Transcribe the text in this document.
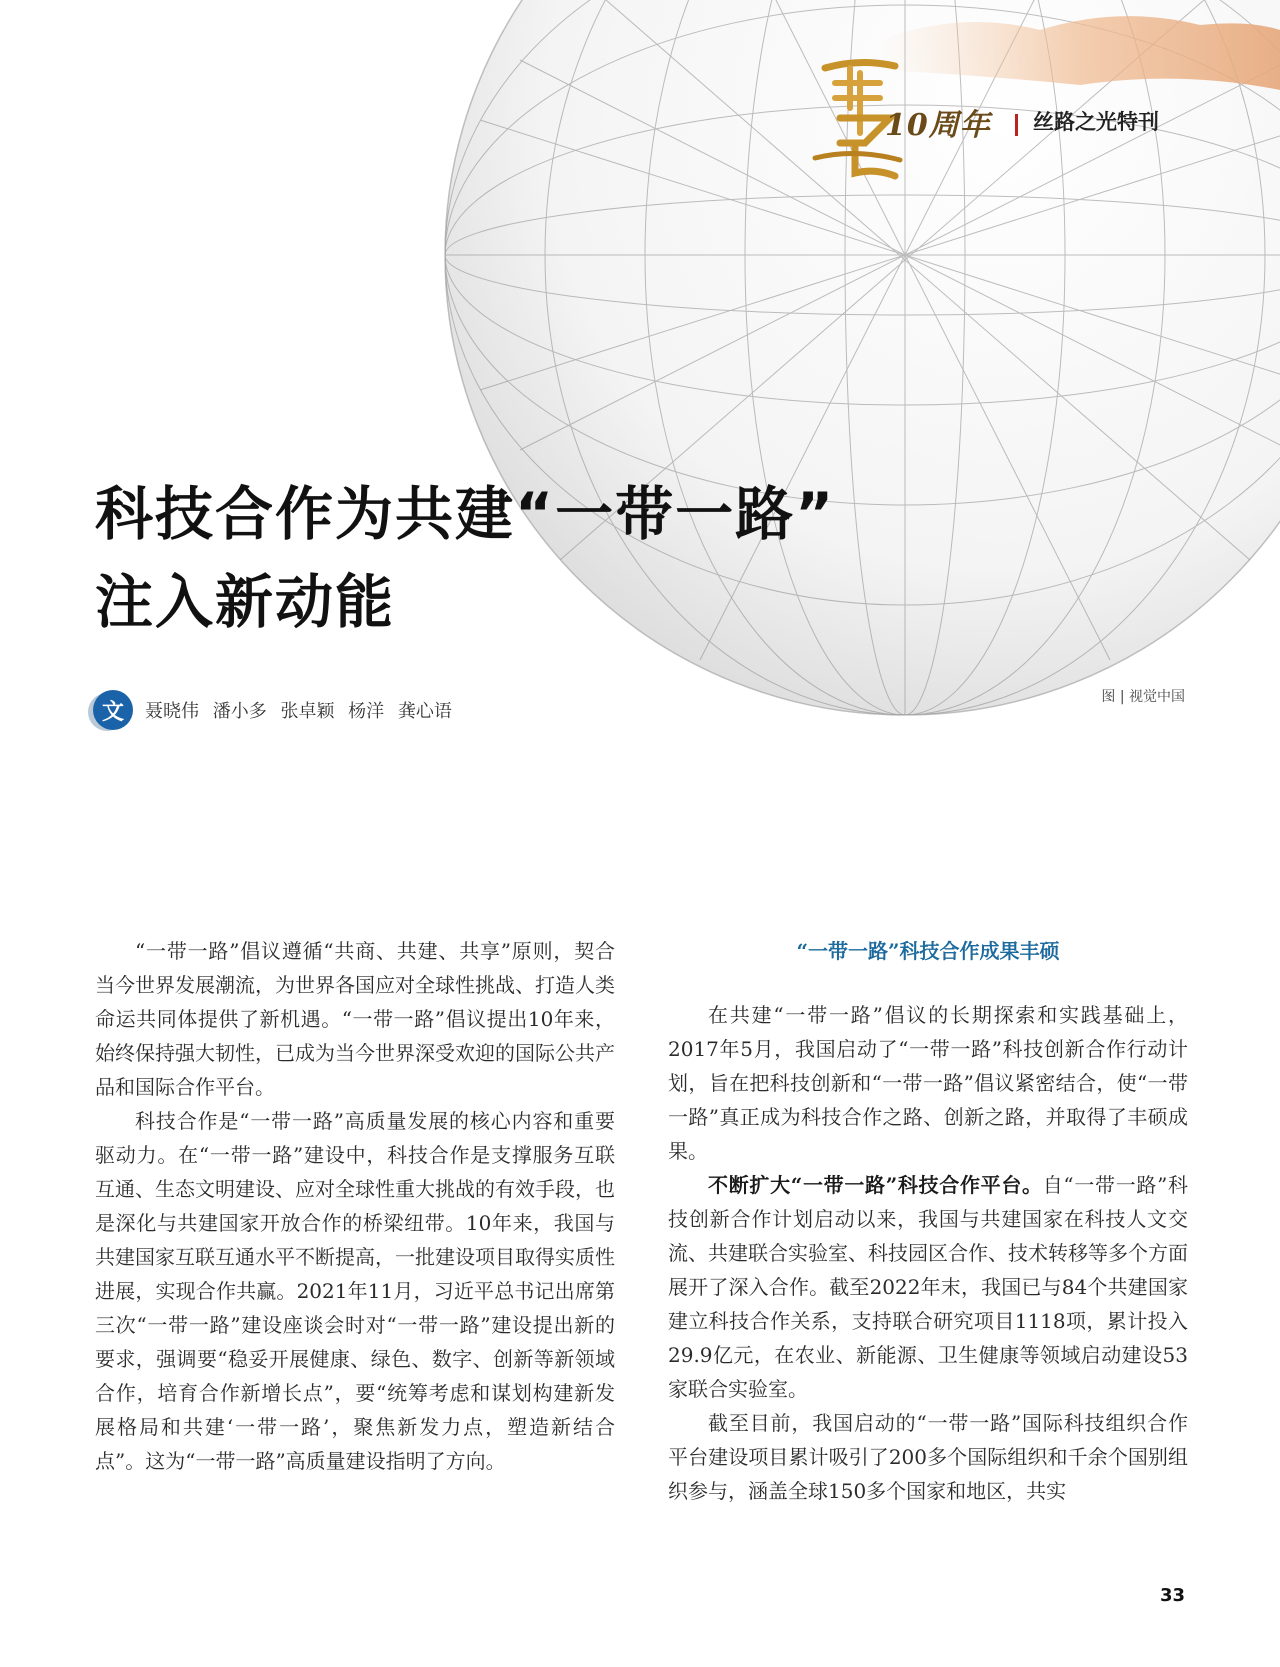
10周年 丝路之光特刊
科技合作为共建“一带一路”
注入新动能
文	聂晓伟 潘小多 张卓颖 杨洋 龚心语
图 | 视觉中国

“一带一路”倡议遵循“共商、共建、共享”原则，契合当今世界发展潮流，为世界各国应对全球性挑战、打造人类命运共同体提供了新机遇。“一带一路”倡议提出10年来，始终保持强大韧性，已成为当今世界深受欢迎的国际公共产品和国际合作平台。

科技合作是“一带一路”高质量发展的核心内容和重要驱动力。在“一带一路”建设中，科技合作是支撑服务互联互通、生态文明建设、应对全球性重大挑战的有效手段，也是深化与共建国家开放合作的桥梁纽带。10年来，我国与共建国家互联互通水平不断提高，一批建设项目取得实质性进展，实现合作共赢。2021年11月，习近平总书记出席第三次“一带一路”建设座谈会时对“一带一路”建设提出新的要求，强调要“稳妥开展健康、绿色、数字、创新等新领域合作，培育合作新增长点”，要“统筹考虑和谋划构建新发展格局和共建‘一带一路’，聚焦新发力点，塑造新结合点”。这为“一带一路”高质量建设指明了方向。

“一带一路”科技合作成果丰硕

在共建“一带一路”倡议的长期探索和实践基础上，2017年5月，我国启动了“一带一路”科技创新合作行动计划，旨在把科技创新和“一带一路”倡议紧密结合，使“一带一路”真正成为科技合作之路、创新之路，并取得了丰硕成果。

不断扩大“一带一路”科技合作平台。自“一带一路”科技创新合作计划启动以来，我国与共建国家在科技人文交流、共建联合实验室、科技园区合作、技术转移等多个方面展开了深入合作。截至2022年末，我国已与84个共建国家建立科技合作关系，支持联合研究项目1118项，累计投入29.9亿元，在农业、新能源、卫生健康等领域启动建设53家联合实验室。

截至目前，我国启动的“一带一路”国际科技组织合作平台建设项目累计吸引了200多个国际组织和千余个国别组织参与，涵盖全球150多个国家和地区，共实

33
